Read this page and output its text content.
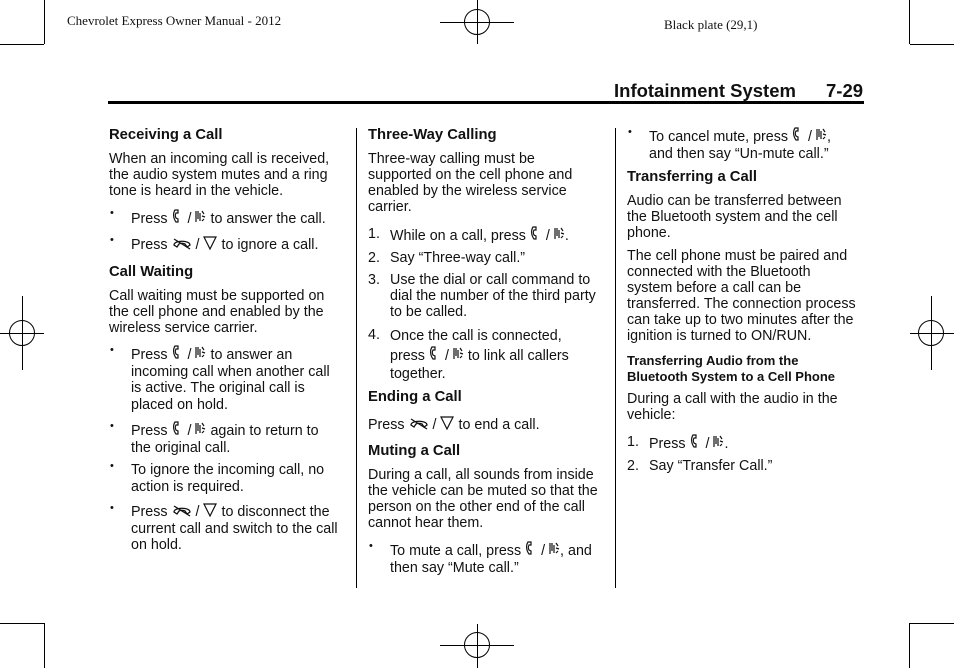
Chevrolet Express Owner Manual - 2012	Black plate (29,1)
Infotainment System 7-29
Receiving a Call
When an incoming call is received,
the audio system mutes and a ring
tone is heard in the vehicle.
• Press / to answer the call.
• Press / to ignore a call.
Call Waiting
Call waiting must be supported on
the cell phone and enabled by the
wireless service carrier.
• Press / to answer an
incoming call when another call
is active. The original call is
placed on hold.
• Press / again to return to
the original call.
• To ignore the incoming call, no
action is required.
• Press / to disconnect the
current call and switch to the call
on hold.
Three-Way Calling
Three-way calling must be
supported on the cell phone and
enabled by the wireless service
carrier.
1. While on a call, press / .
2. Say “Three-way call.”
3. Use the dial or call command to
dial the number of the third party
to be called.
4. Once the call is connected,
press / to link all callers
together.
Ending a Call
Press / to end a call.
Muting a Call
During a call, all sounds from inside
the vehicle can be muted so that the
person on the other end of the call
cannot hear them.
• To mute a call, press / , and
then say “Mute call.”
• To cancel mute, press / ,
and then say “Un-mute call.”
Transferring a Call
Audio can be transferred between
the Bluetooth system and the cell
phone.
The cell phone must be paired and
connected with the Bluetooth
system before a call can be
transferred. The connection process
can take up to two minutes after the
ignition is turned to ON/RUN.
Transferring Audio from the
Bluetooth System to a Cell Phone
During a call with the audio in the
vehicle:
1. Press / .
2. Say “Transfer Call.”
